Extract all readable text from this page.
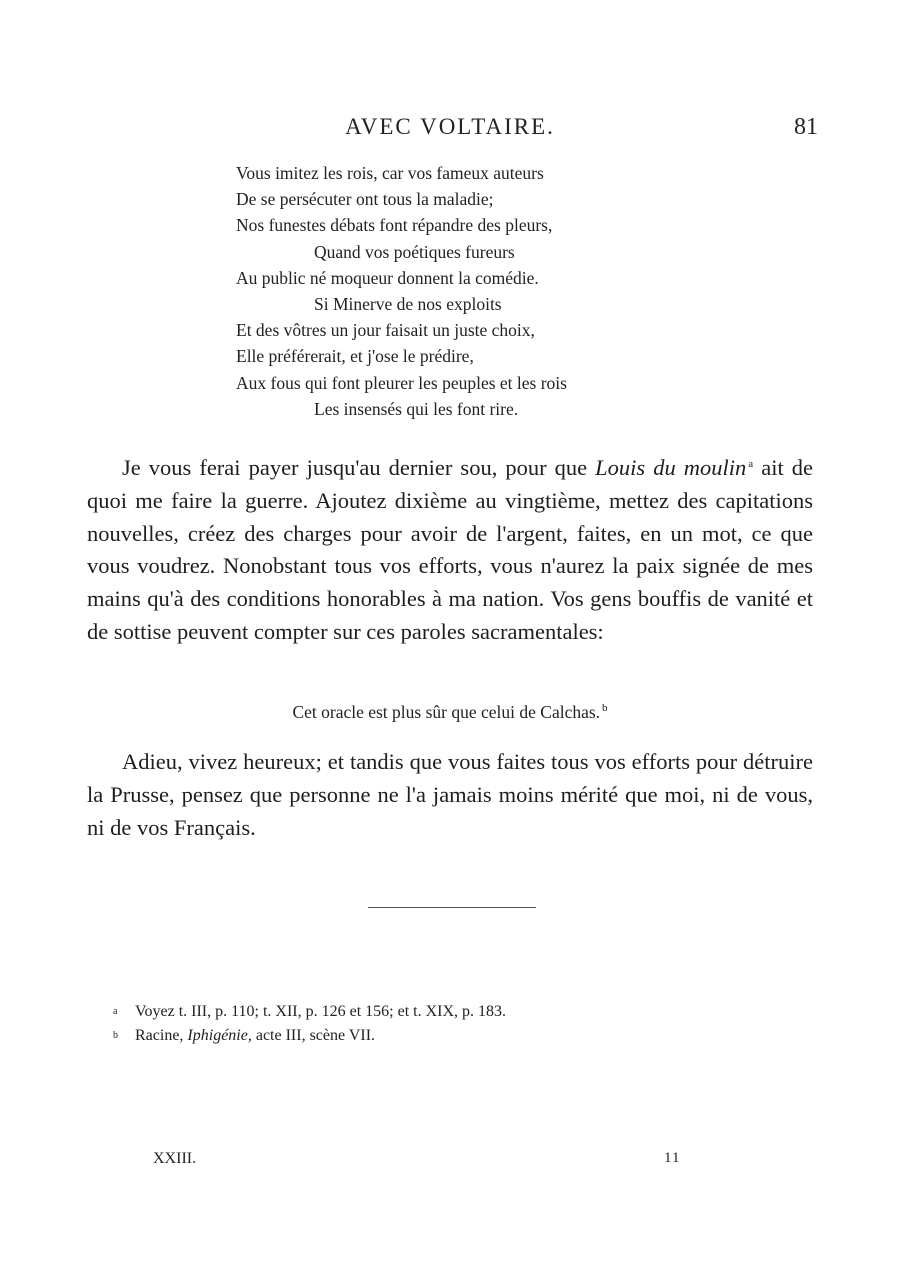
AVEC VOLTAIRE.	81
Vous imitez les rois, car vos fameux auteurs
De se persécuter ont tous la maladie;
Nos funestes débats font répandre des pleurs,
Quand vos poétiques fureurs
Au public né moqueur donnent la comédie.
Si Minerve de nos exploits
Et des vôtres un jour faisait un juste choix,
Elle préférerait, et j'ose le prédire,
Aux fous qui font pleurer les peuples et les rois
Les insensés qui les font rire.

Je vous ferai payer jusqu'au dernier sou, pour que Louis du moulin $^a$ ait de quoi me faire la guerre. Ajoutez dixième au vingtième, mettez des capitations nouvelles, créez des charges pour avoir de l'argent, faites, en un mot, ce que vous voudrez. Nonobstant tous vos efforts, vous n'aurez la paix signée de mes mains qu'à des conditions honorables à ma nation. Vos gens bouffis de vanité et de sottise peuvent compter sur ces paroles sacramentales:

Cet oracle est plus sûr que celui de Calchas. $^b$

Adieu, vivez heureux; et tandis que vous faites tous vos efforts pour détruire la Prusse, pensez que personne ne l'a jamais moins mérité que moi, ni de vous, ni de vos Français.

a Voyez t. III, p. 110; t. XII, p. 126 et 156; et t. XIX, p. 183.
b Racine, Iphigénie, acte III, scène VII.
XXIII.	11
